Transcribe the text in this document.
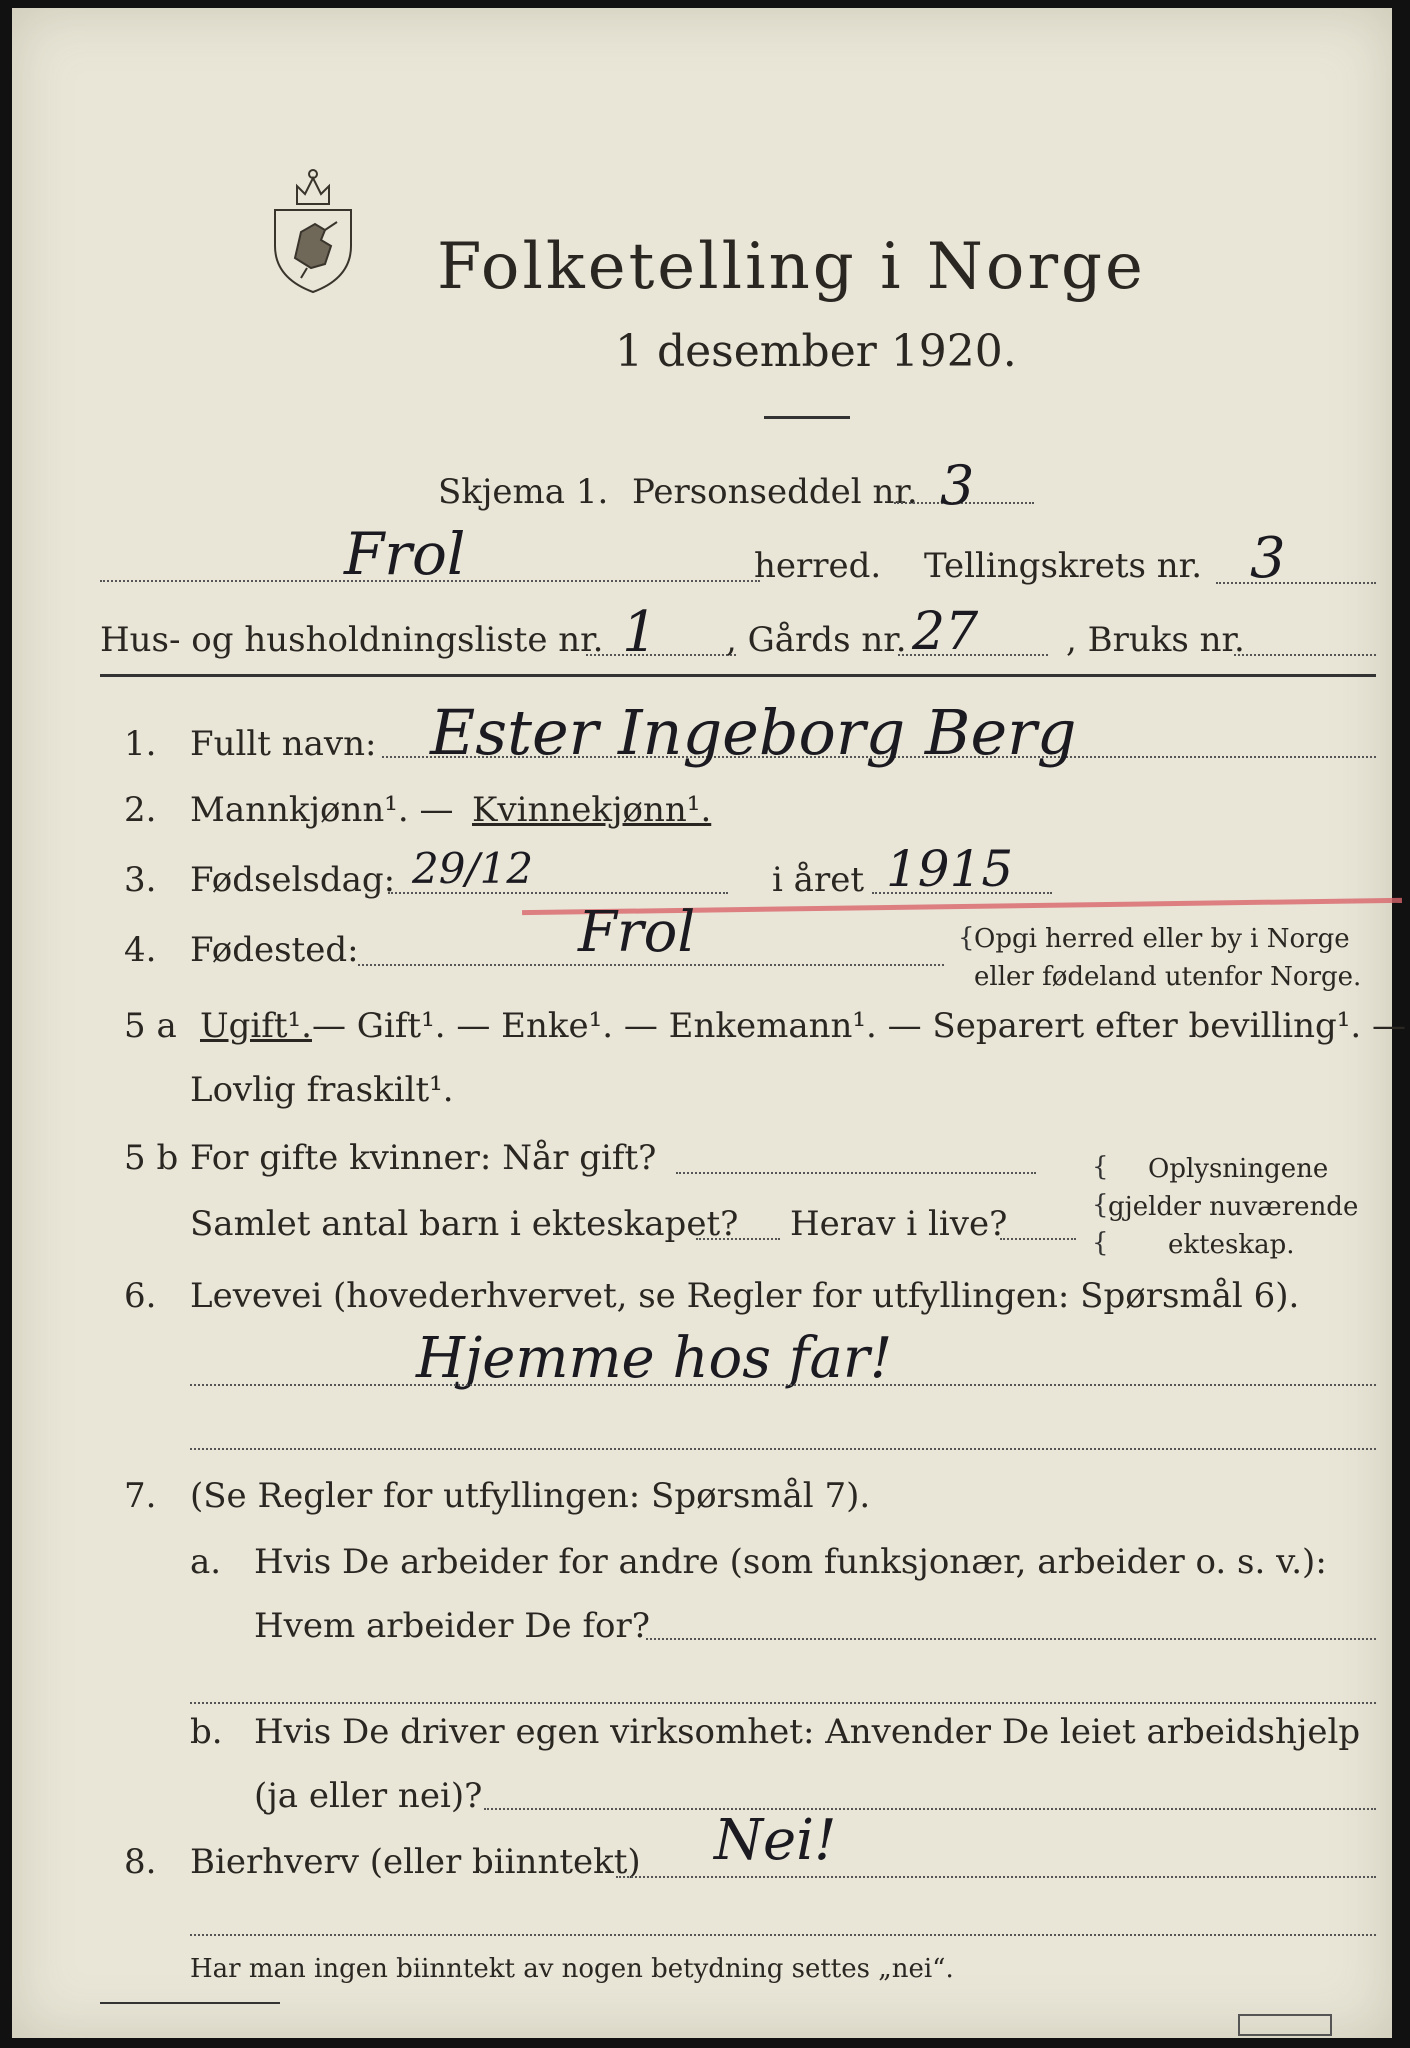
Folketelling i Norge
1 desember 1920.
Skjema 1. Personseddel nr. 3
Frol	herred. Tellingskrets nr. 3
Hus- og husholdningsliste nr. 1 , Gårds nr. 27	, Bruks nr.
1. Fullt navn: Ester Ingeborg Berg
2. Mannkjønn¹. — Kvinnekjønn¹.
3. Fødselsdag: 29/12	i året 1915
4. Fødested:	Frol	{ Opgi herred eller by i Norge
eller fødeland utenfor Norge.
5 a Ugift¹. — Gift¹. — Enke¹. — Enkemann¹. — Separert efter bevilling¹. —
Lovlig fraskilt¹.
5 b For gifte kvinner: Når gift?
Samlet antal barn i ekteskapet? Herav i live?
{
{
{
Oplysningene
gjelder nuværende
ekteskap.
6. Levevei (hovederhvervet, se Regler for utfyllingen: Spørsmål 6).
Hjemme hos far!
7. (Se Regler for utfyllingen: Spørsmål 7).
a. Hvis De arbeider for andre (som funksjonær, arbeider o. s. v.):
Hvem arbeider De for?
b. Hvis De driver egen virksomhet: Anvender De leiet arbeidshjelp
(ja eller nei)?
8. Bierhverv (eller biinntekt) Nei!
Har man ingen biinntekt av nogen betydning settes „nei“.
